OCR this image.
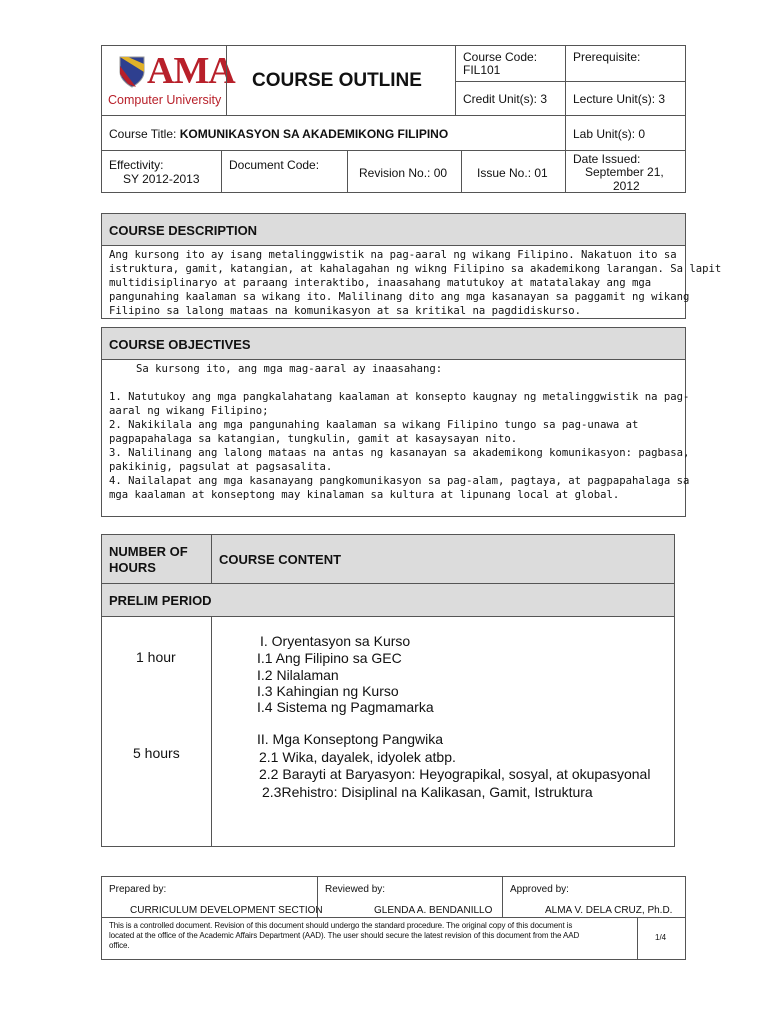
AMA
Computer University
COURSE OUTLINE
Course Code:
FIL101
Prerequisite:
Credit Unit(s): 3 Lecture Unit(s): 3
Course Title: KOMUNIKASYON SA AKADEMIKONG FILIPINO	Lab Unit(s): 0
Effectivity:
SY 2012-2013
Document Code:
Revision No.: 00 Issue No.: 01
Date Issued:
September 21,
2012
COURSE DESCRIPTION
Ang kursong ito ay isang metalinggwistik na pag-aaral ng wikang Filipino. Nakatuon ito sa
istruktura, gamit, katangian, at kahalagahan ng wikng Filipino sa akademikong larangan. Sa lapit
multidisiplinaryo at paraang interaktibo, inaasahang matutukoy at matatalakay ang mga
pangunahing kaalaman sa wikang ito. Malilinang dito ang mga kasanayan sa paggamit ng wikang
Filipino sa lalong mataas na komunikasyon at sa kritikal na pagdidiskurso.
COURSE OBJECTIVES
Sa kursong ito, ang mga mag-aaral ay inaasahang:
1. Natutukoy ang mga pangkalahatang kaalaman at konsepto kaugnay ng metalinggwistik na pag-
aaral ng wikang Filipino;
2. Nakikilala ang mga pangunahing kaalaman sa wikang Filipino tungo sa pag-unawa at
pagpapahalaga sa katangian, tungkulin, gamit at kasaysayan nito.
3. Nalilinang ang lalong mataas na antas ng kasanayan sa akademikong komunikasyon: pagbasa,
pakikinig, pagsulat at pagsasalita.
4. Nailalapat ang mga kasanayang pangkomunikasyon sa pag-alam, pagtaya, at pagpapahalaga sa
mga kaalaman at konseptong may kinalaman sa kultura at lipunang local at global.
NUMBER OF
HOURS
COURSE CONTENT
PRELIM PERIOD
1 hour
5 hours
I. Oryentasyon sa Kurso
I.1 Ang Filipino sa GEC
I.2 Nilalaman
I.3 Kahingian ng Kurso
I.4 Sistema ng Pagmamarka
II. Mga Konseptong Pangwika
2.1 Wika, dayalek, idyolek atbp.
2.2 Barayti at Baryasyon: Heyograpikal, sosyal, at okupasyonal
2.3Rehistro: Disiplinal na Kalikasan, Gamit, Istruktura
Prepared by:
CURRICULUM DEVELOPMENT SECTION
Reviewed by:
GLENDA A. BENDANILLO
Approved by:
ALMA V. DELA CRUZ, Ph.D.
This is a controlled document. Revision of this document should undergo the standard procedure. The original copy of this document is
located at the office of the Academic Affairs Department (AAD). The user should secure the latest revision of this document from the AAD
office.
1/4
